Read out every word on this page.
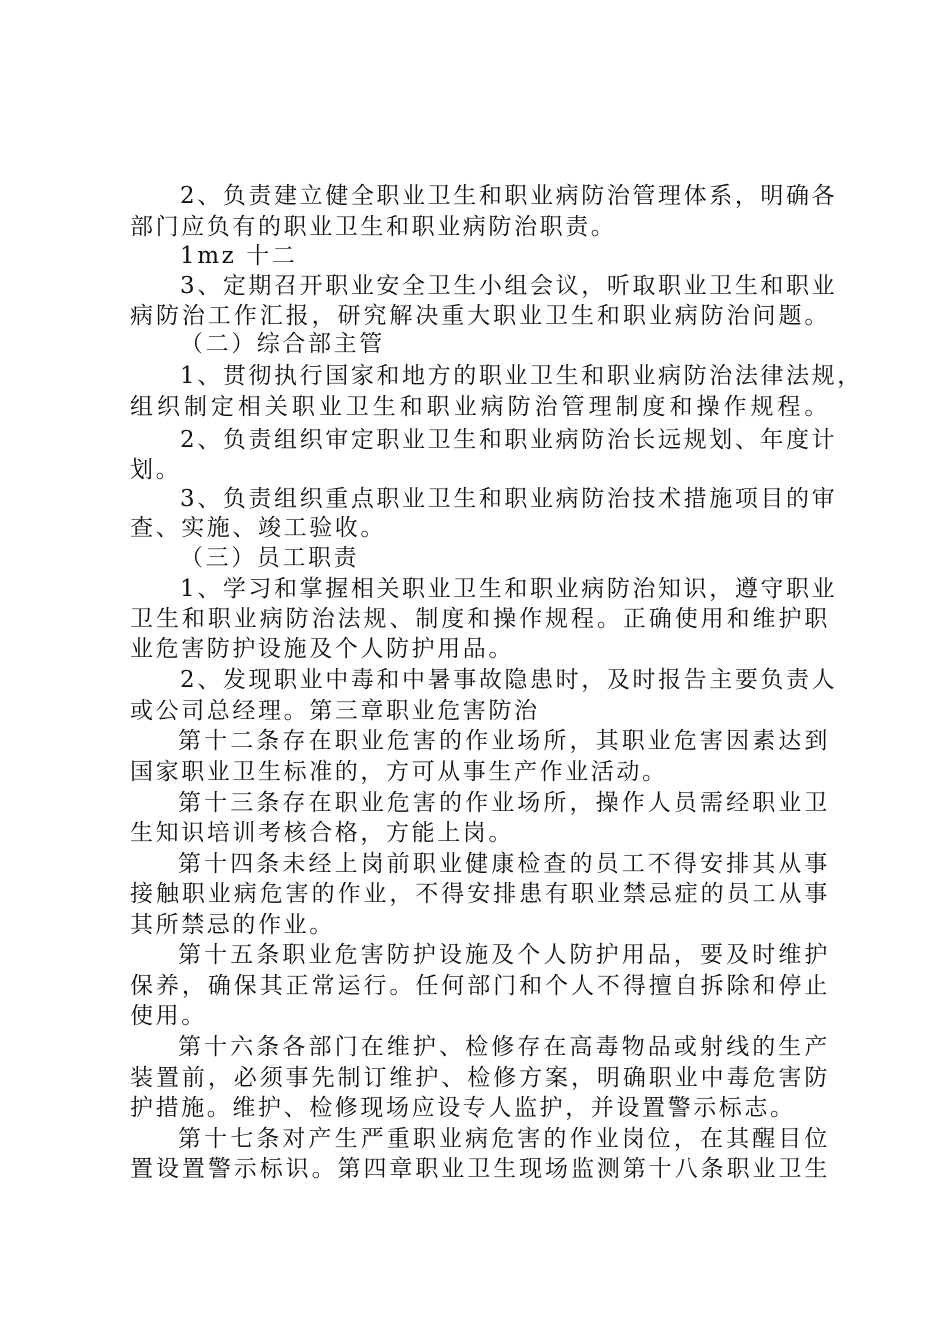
2、负责建立健全职业卫生和职业病防治管理体系，明确各
部门应负有的职业卫生和职业病防治职责。
1mz 十二
3、定期召开职业安全卫生小组会议，听取职业卫生和职业
病防治工作汇报，研究解决重大职业卫生和职业病防治问题。
（二）综合部主管
1、贯彻执行国家和地方的职业卫生和职业病防治法律法规，
组织制定相关职业卫生和职业病防治管理制度和操作规程。
2、负责组织审定职业卫生和职业病防治长远规划、年度计
划。
3、负责组织重点职业卫生和职业病防治技术措施项目的审
查、实施、竣工验收。
（三）员工职责
1、学习和掌握相关职业卫生和职业病防治知识，遵守职业
卫生和职业病防治法规、制度和操作规程。正确使用和维护职
业危害防护设施及个人防护用品。
2、发现职业中毒和中暑事故隐患时，及时报告主要负责人
或公司总经理。第三章职业危害防治
第十二条存在职业危害的作业场所，其职业危害因素达到
国家职业卫生标准的，方可从事生产作业活动。
第十三条存在职业危害的作业场所，操作人员需经职业卫
生知识培训考核合格，方能上岗。
第十四条未经上岗前职业健康检查的员工不得安排其从事
接触职业病危害的作业，不得安排患有职业禁忌症的员工从事
其所禁忌的作业。
第十五条职业危害防护设施及个人防护用品，要及时维护
保养，确保其正常运行。任何部门和个人不得擅自拆除和停止
使用。
第十六条各部门在维护、检修存在高毒物品或射线的生产
装置前，必须事先制订维护、检修方案，明确职业中毒危害防
护措施。维护、检修现场应设专人监护，并设置警示标志。
第十七条对产生严重职业病危害的作业岗位，在其醒目位
置设置警示标识。第四章职业卫生现场监测第十八条职业卫生
